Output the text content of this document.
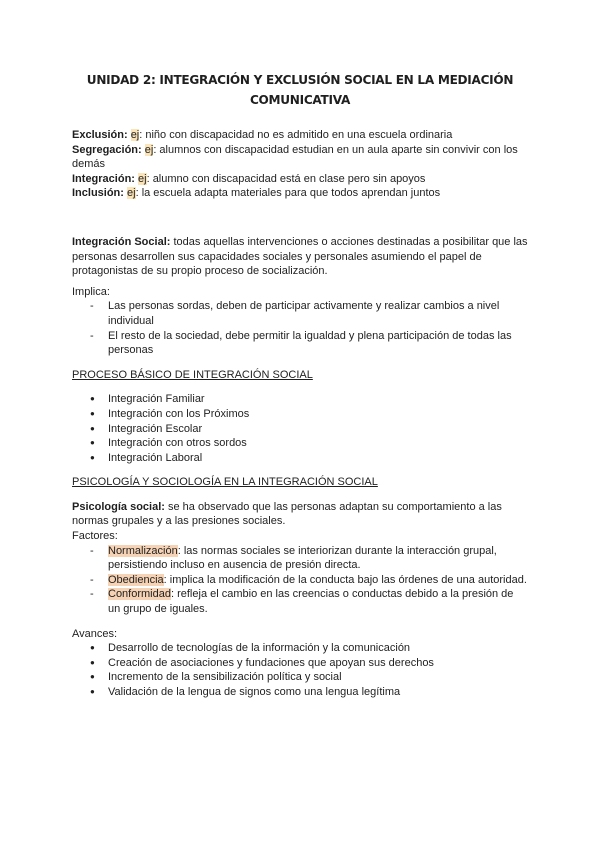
UNIDAD 2: INTEGRACIÓN Y EXCLUSIÓN SOCIAL EN LA MEDIACIÓN COMUNICATIVA

Exclusión: ej: niño con discapacidad no es admitido en una escuela ordinaria

Segregación: ej: alumnos con discapacidad estudian en un aula aparte sin convivir con los demás

Integración: ej: alumno con discapacidad está en clase pero sin apoyos

Inclusión: ej: la escuela adapta materiales para que todos aprendan juntos

Integración Social: todas aquellas intervenciones o acciones destinadas a posibilitar que las personas desarrollen sus capacidades sociales y personales asumiendo el papel de protagonistas de su propio proceso de socialización.

Implica:

- Las personas sordas, deben de participar activamente y realizar cambios a nivel individual
- El resto de la sociedad, debe permitir la igualdad y plena participación de todas las personas

PROCESO BÁSICO DE INTEGRACIÓN SOCIAL

● Integración Familiar
● Integración con los Próximos
● Integración Escolar
● Integración con otros sordos
● Integración Laboral

PSICOLOGÍA Y SOCIOLOGÍA EN LA INTEGRACIÓN SOCIAL

Psicología social: se ha observado que las personas adaptan su comportamiento a las normas grupales y a las presiones sociales.

Factores:

- Normalización: las normas sociales se interiorizan durante la interacción grupal, persistiendo incluso en ausencia de presión directa.
- Obediencia: implica la modificación de la conducta bajo las órdenes de una autoridad.
- Conformidad: refleja el cambio en las creencias o conductas debido a la presión de un grupo de iguales.

Avances:

● Desarrollo de tecnologías de la información y la comunicación
● Creación de asociaciones y fundaciones que apoyan sus derechos
● Incremento de la sensibilización política y social
● Validación de la lengua de signos como una lengua legítima
